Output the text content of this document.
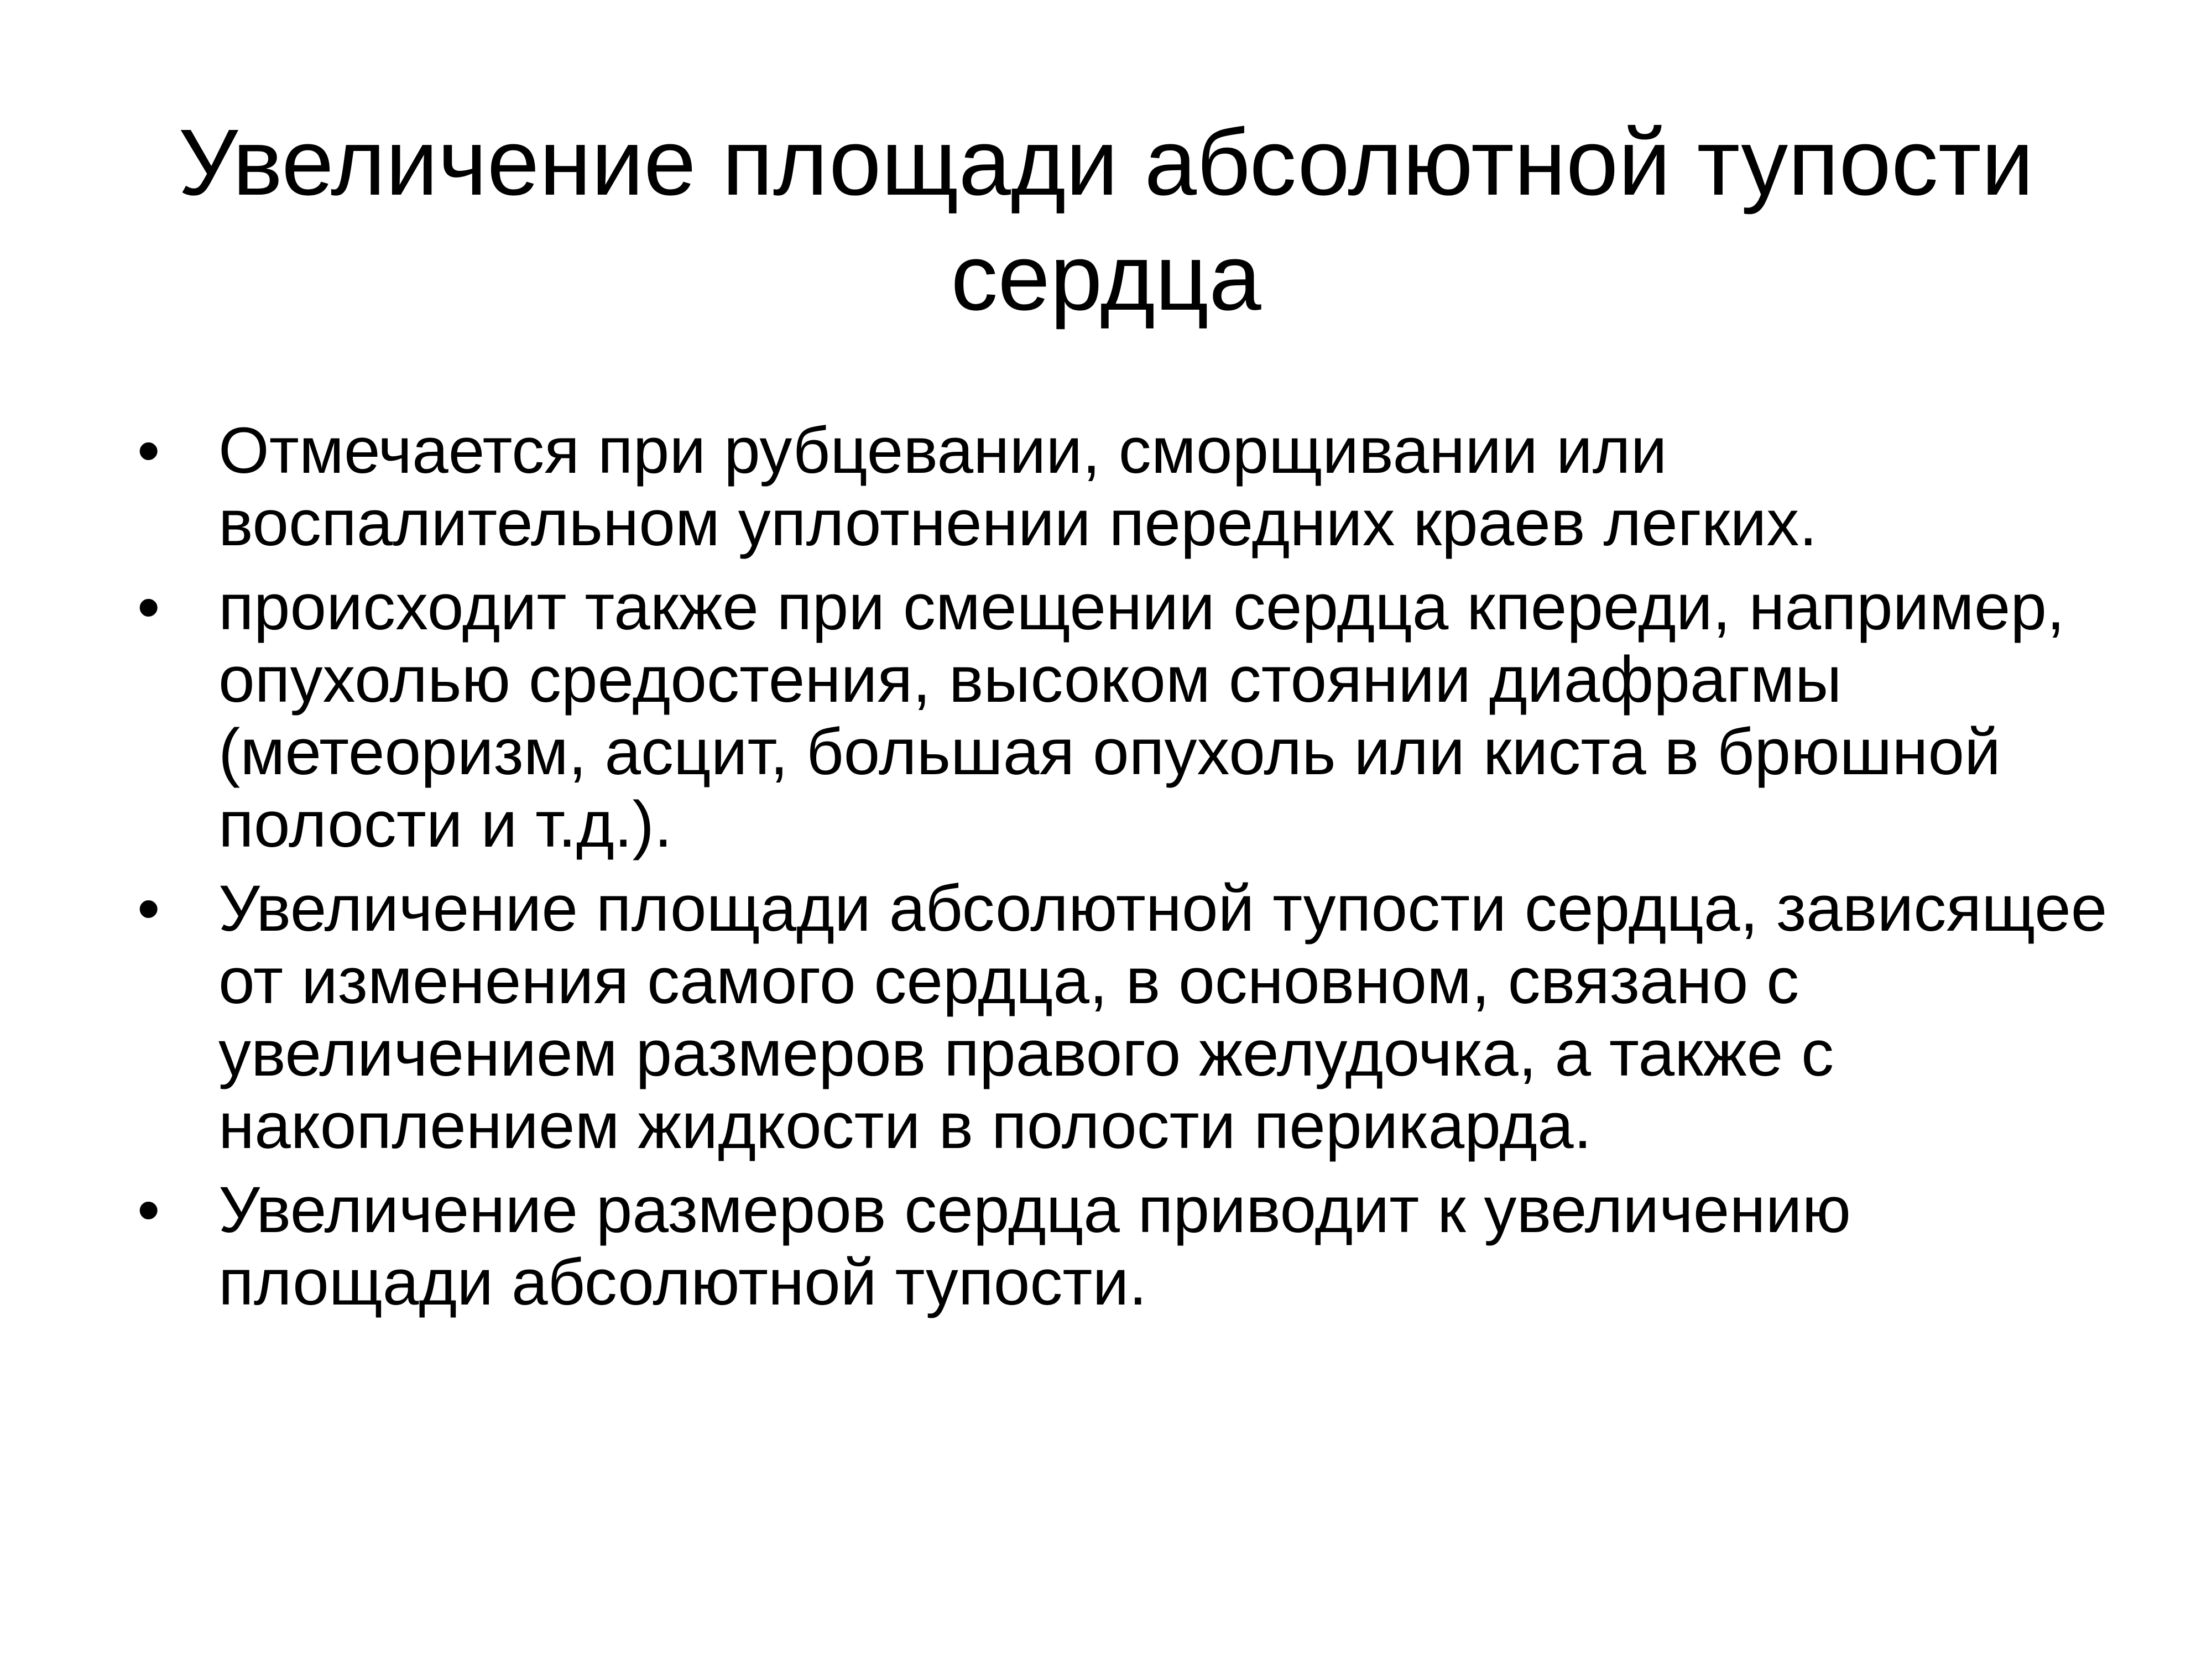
Увеличение площади абсолютной тупости сердца
• Отмечается при рубцевании, сморщивании или воспалительном уплотнении передних краев легких.
• происходит также при смещении сердца кпереди, например, опухолью средостения, высоком стоянии диафрагмы (метеоризм, асцит, большая опухоль или киста в брюшной полости и т.д.).
• Увеличение площади абсолютной тупости сердца, зависящее от изменения самого сердца, в основном, связано с увеличением размеров правого желудочка, а также с накоплением жидкости в полости перикарда.
• Увеличение размеров сердца приводит к увеличению площади абсолютной тупости.
